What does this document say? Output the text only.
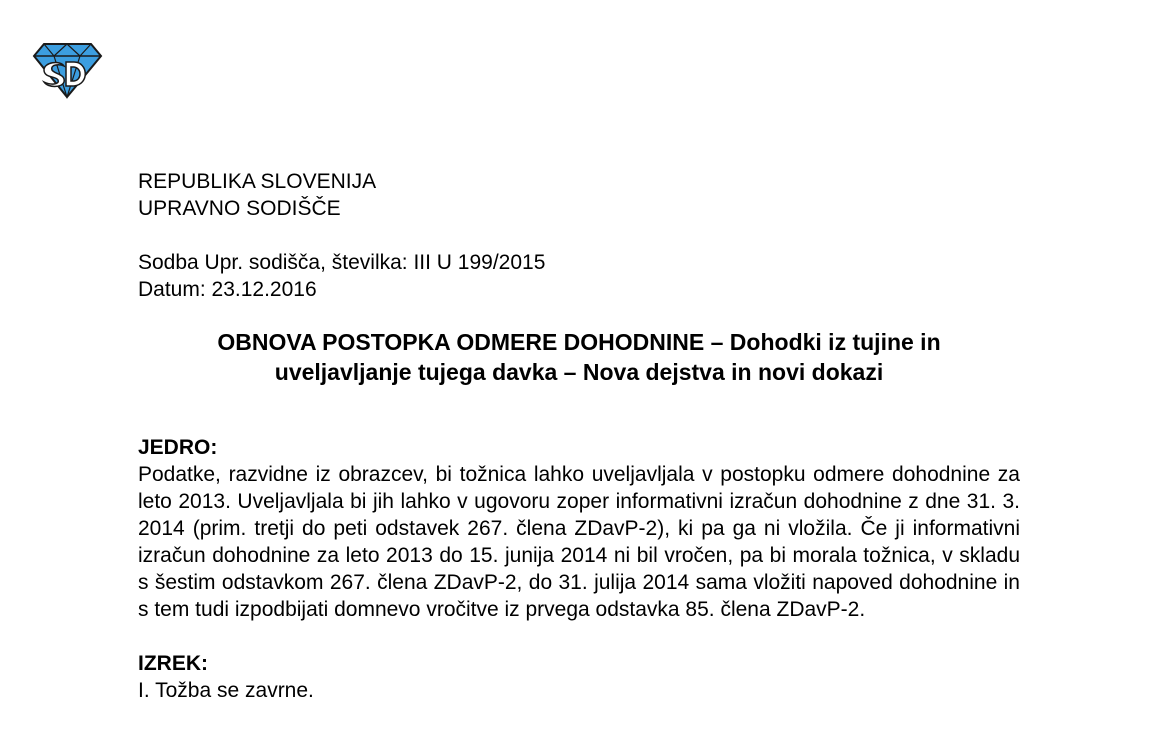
REPUBLIKA SLOVENIJA

UPRAVNO SODIŠČE

Sodba Upr. sodišča, številka: III U 199/2015

Datum: 23.12.2016

OBNOVA POSTOPKA ODMERE DOHODNINE – Dohodki iz tujine in
uveljavljanje tujega davka – Nova dejstva in novi dokazi

JEDRO:

Podatke, razvidne iz obrazcev, bi tožnica lahko uveljavljala v postopku odmere dohodnine za leto 2013. Uveljavljala bi jih lahko v ugovoru zoper informativni izračun dohodnine z dne 31. 3. 2014 (prim. tretji do peti odstavek 267. člena ZDavP-2), ki pa ga ni vložila. Če ji informativni izračun dohodnine za leto 2013 do 15. junija 2014 ni bil vročen, pa bi morala tožnica, v skladu s šestim odstavkom 267. člena ZDavP-2, do 31. julija 2014 sama vložiti napoved dohodnine in s tem tudi izpodbijati domnevo vročitve iz prvega odstavka 85. člena ZDavP-2.

IZREK:

I. Tožba se zavrne.
